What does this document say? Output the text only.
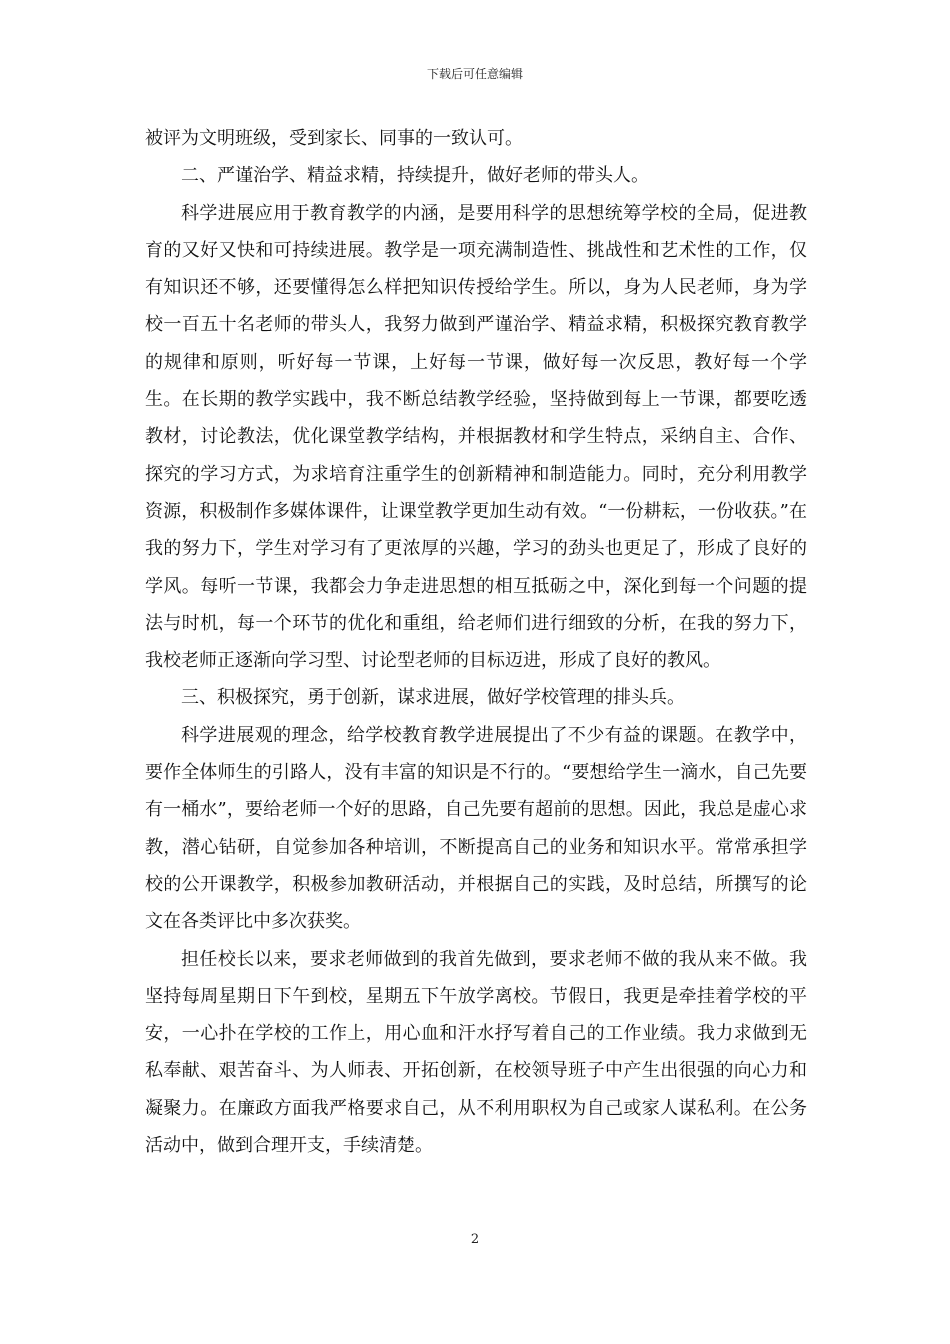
下载后可任意编辑

被评为文明班级，受到家长、同事的一致认可。

二、严谨治学、精益求精，持续提升，做好老师的带头人。

科学进展应用于教育教学的内涵，是要用科学的思想统筹学校的全局，促进教育的又好又快和可持续进展。教学是一项充满制造性、挑战性和艺术性的工作，仅有知识还不够，还要懂得怎么样把知识传授给学生。所以，身为人民老师，身为学校一百五十名老师的带头人，我努力做到严谨治学、精益求精，积极探究教育教学的规律和原则，听好每一节课，上好每一节课，做好每一次反思，教好每一个学生。在长期的教学实践中，我不断总结教学经验，坚持做到每上一节课，都要吃透教材，讨论教法，优化课堂教学结构，并根据教材和学生特点，采纳自主、合作、探究的学习方式，为求培育注重学生的创新精神和制造能力。同时，充分利用教学资源，积极制作多媒体课件，让课堂教学更加生动有效。“一份耕耘，一份收获。”在我的努力下，学生对学习有了更浓厚的兴趣，学习的劲头也更足了，形成了良好的学风。每听一节课，我都会力争走进思想的相互抵砺之中，深化到每一个问题的提法与时机，每一个环节的优化和重组，给老师们进行细致的分析，在我的努力下，我校老师正逐渐向学习型、讨论型老师的目标迈进，形成了良好的教风。

三、积极探究，勇于创新，谋求进展，做好学校管理的排头兵。

科学进展观的理念，给学校教育教学进展提出了不少有益的课题。在教学中，要作全体师生的引路人，没有丰富的知识是不行的。“要想给学生一滴水，自己先要有一桶水”，要给老师一个好的思路，自己先要有超前的思想。因此，我总是虚心求教，潜心钻研，自觉参加各种培训，不断提高自己的业务和知识水平。常常承担学校的公开课教学，积极参加教研活动，并根据自己的实践，及时总结，所撰写的论文在各类评比中多次获奖。

担任校长以来，要求老师做到的我首先做到，要求老师不做的我从来不做。我坚持每周星期日下午到校，星期五下午放学离校。节假日，我更是牵挂着学校的平安，一心扑在学校的工作上，用心血和汗水抒写着自己的工作业绩。我力求做到无私奉献、艰苦奋斗、为人师表、开拓创新，在校领导班子中产生出很强的向心力和凝聚力。在廉政方面我严格要求自己，从不利用职权为自己或家人谋私利。在公务活动中，做到合理开支，手续清楚。

2
